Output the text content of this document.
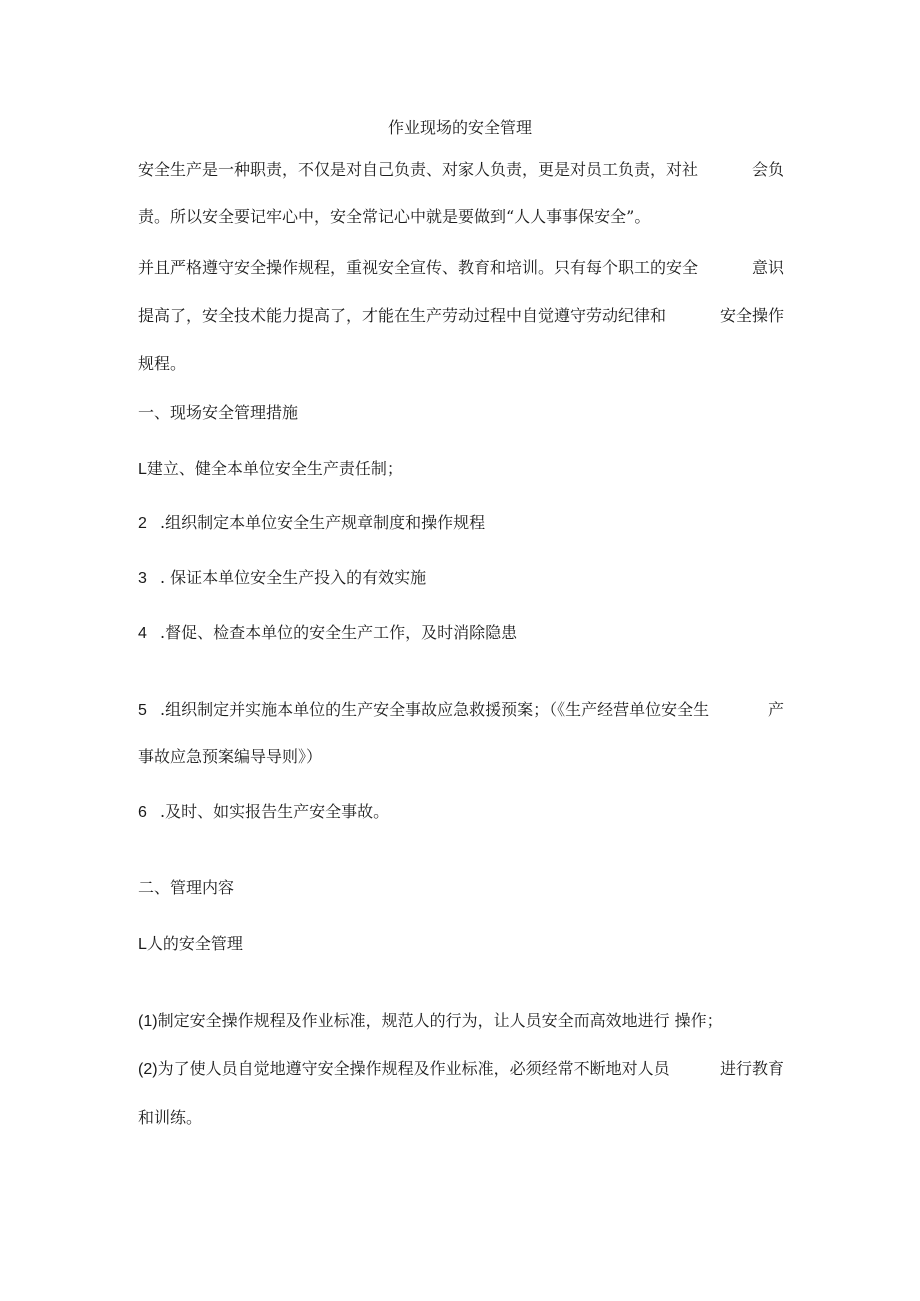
作业现场的安全管理

安全生产是一种职责，不仅是对自己负责、对家人负责，更是对员工负责，对社	会负

责。所以安全要记牢心中，安全常记心中就是要做到“人人事事保安全”。

并且严格遵守安全操作规程，重视安全宣传、教育和培训。只有每个职工的安全	意识

提高了，安全技术能力提高了，才能在生产劳动过程中自觉遵守劳动纪律和	安全操作

规程。

一、现场安全管理措施

L建立、健全本单位安全生产责任制；

2 .组织制定本单位安全生产规章制度和操作规程

3 . 保证本单位安全生产投入的有效实施

4 .督促、检查本单位的安全生产工作，及时消除隐患

5 .组织制定并实施本单位的生产安全事故应急救援预案；（《生产经营单位安全生	产

事故应急预案编导导则》）

6 .及时、如实报告生产安全事故。

二、管理内容

L人的安全管理

(1)制定安全操作规程及作业标准，规范人的行为，让人员安全而高效地进行 操作；

(2)为了使人员自觉地遵守安全操作规程及作业标准，必须经常不断地对人员	进行教育

和训练。
